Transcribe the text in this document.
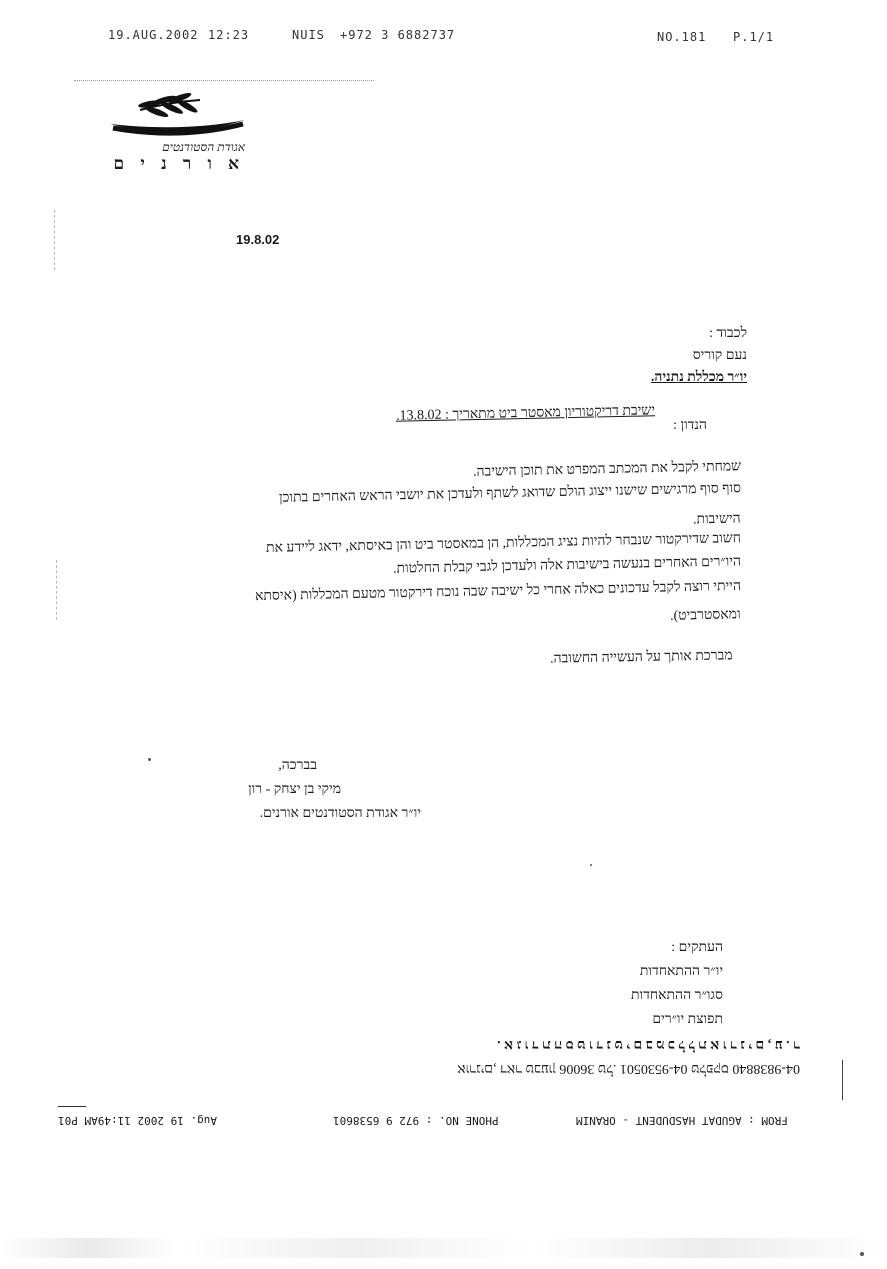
19.AUG.2002 12:23	NUIS +972 3 6882737	NO.181 P.1/1
אגודת הסטודנטים
א ו ר נ י ם
19.8.02
לכבוד :
נעם קוריס
יו״ר מכללת נתניה.
הנדון :
ישיבת דריקטוריון מאסטר ביט מתאריך : 13.8.02.
שמחתי לקבל את המכתב המפרט את תוכן הישיבה.
סוף סוף מרגישים שישנו ייצוג הולם שדואג לשתף ולעדכן את יושבי הראש האחרים בתוכן
הישיבות.
חשוב שדירקטור שנבחר להיות נציג המכללות, הן במאסטר ביט והן באיסתא, ידאג ליידע את
היו״רים האחרים בנעשה בישיבות אלה ולעדכן לגבי קבלת החלטות.
הייתי רוצה לקבל עדכונים כאלה אחרי כל ישיבה שבה נוכח דירקטור מטעם המכללות (איסתא
ומאסטרביט).
מברכת אותך על העשייה החשובה.
בברכה,
מיקי בן יצחק - רון
יו״ר אגודת הסטודנטים אורנים.
העתקים :
יו״ר ההתאחדות
סגו״ר ההתאחדות
תפוצת יו״רים
א ג ו ד ת ה ס ט ו ד נ ט י ם ב מ כ ל ל ת א ו ר נ י ם , ע . ר .
אורנים, דאר טבעון 36006 טל. 04-9530501 טלפקס 04-9838840
FROM : AGUDAT HASDUDENT - ORANIM
PHONE NO. : 972 9 6538601
Aug. 19 2002 11:49AM P01
